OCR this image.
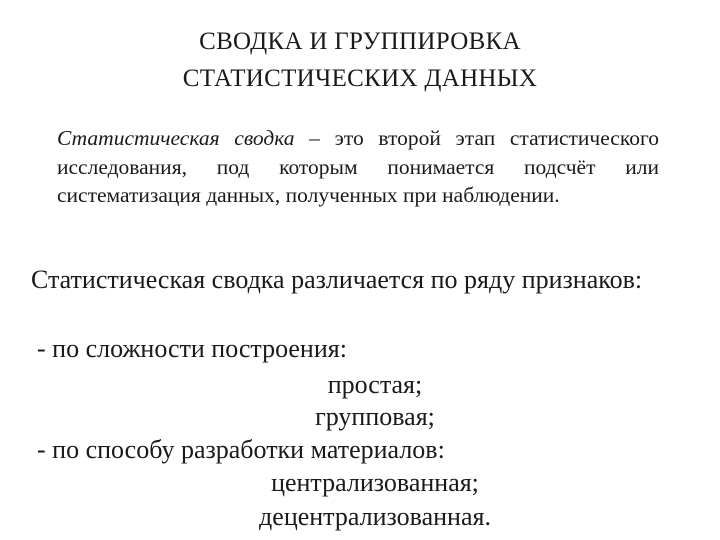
СВОДКА И ГРУППИРОВКА
СТАТИСТИЧЕСКИХ ДАННЫХ
Статистическая сводка – это второй этап статистического исследования, под которым понимается подсчёт или систематизация данных, полученных при наблюдении.
Статистическая сводка различается по ряду признаков:
- по сложности построения:
простая;
групповая;
- по способу разработки материалов:
централизованная;
децентрализованная.
